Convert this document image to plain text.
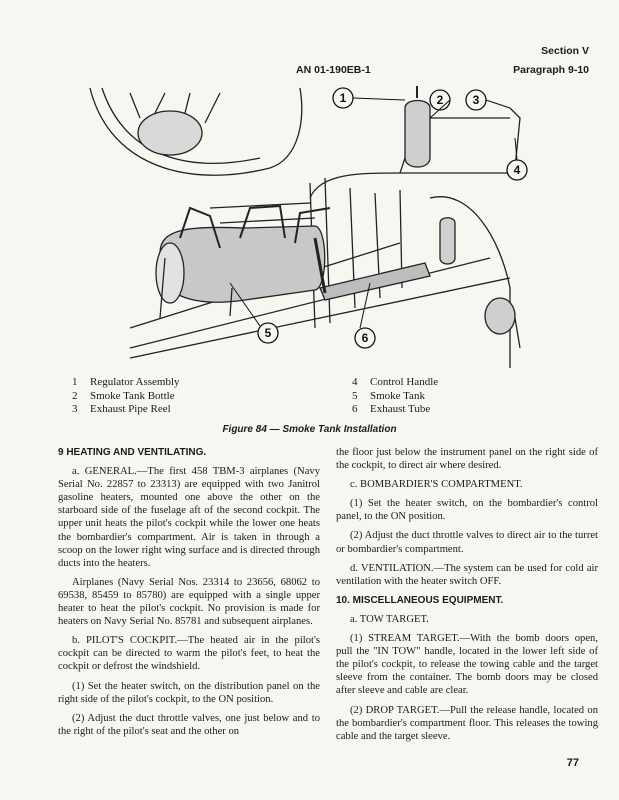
AN 01-190EB-1
Section V
Paragraph 9-10
1	2 3
4
5	6
1	Regulator Assembly
2	Smoke Tank Bottle
3	Exhaust Pipe Reel
4	Control Handle
5	Smoke Tank
6	Exhaust Tube
Figure 84 — Smoke Tank Installation
9 HEATING AND VENTILATING.

a. GENERAL.—The first 458 TBM-3 airplanes (Navy Serial No. 22857 to 23313) are equipped with two Janitrol gasoline heaters, mounted one above the other on the starboard side of the fuselage aft of the second cockpit. The upper unit heats the pilot's cockpit while the lower one heats the bombardier's compartment. Air is taken in through a scoop on the lower right wing surface and is directed through ducts into the heaters.

Airplanes (Navy Serial Nos. 23314 to 23656, 68062 to 69538, 85459 to 85780) are equipped with a single upper heater to heat the pilot's cockpit. No provision is made for heaters on Navy Serial No. 85781 and subsequent airplanes.

b. PILOT'S COCKPIT.—The heated air in the pilot's cockpit can be directed to warm the pilot's feet, to heat the cockpit or defrost the windshield.

(1) Set the heater switch, on the distribution panel on the right side of the pilot's cockpit, to the ON position.

(2) Adjust the duct throttle valves, one just below and to the right of the pilot's seat and the other on

the floor just below the instrument panel on the right side of the cockpit, to direct air where desired.

c. BOMBARDIER'S COMPARTMENT.

(1) Set the heater switch, on the bombardier's control panel, to the ON position.

(2) Adjust the duct throttle valves to direct air to the turret or bombardier's compartment.

d. VENTILATION.—The system can be used for cold air ventilation with the heater switch OFF.

10. MISCELLANEOUS EQUIPMENT.

a. TOW TARGET.

(1) STREAM TARGET.—With the bomb doors open, pull the "IN TOW" handle, located in the lower left side of the pilot's cockpit, to release the towing cable and the target sleeve from the container. The bomb doors may be closed after sleeve and cable are clear.

(2) DROP TARGET.—Pull the release handle, located on the bombardier's compartment floor. This releases the towing cable and the target sleeve.

77
